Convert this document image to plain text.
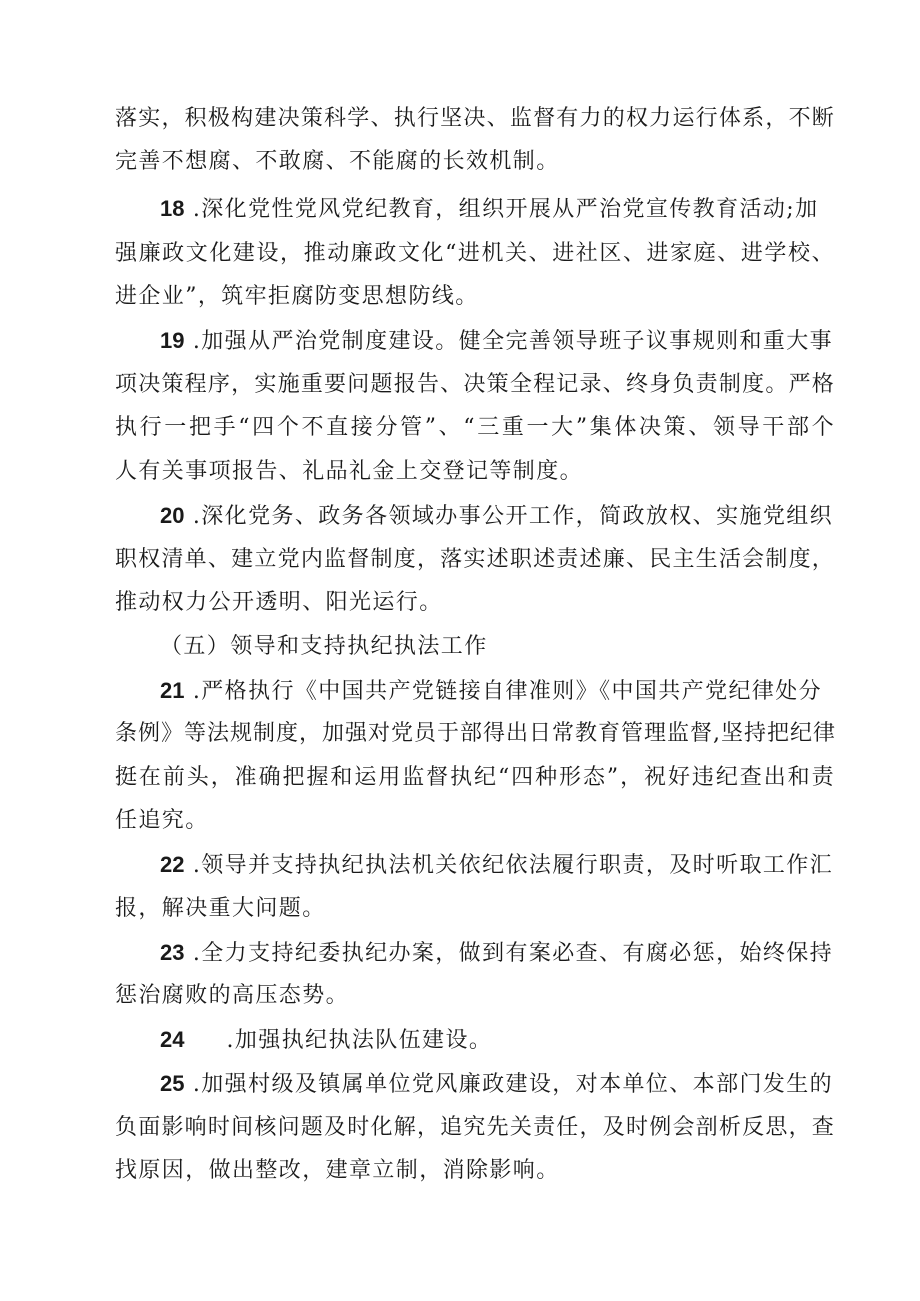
落实，积极构建决策科学、执行坚决、监督有力的权力运行体系，不断
完善不想腐、不敢腐、不能腐的长效机制。
18 .深化党性党风党纪教育，组织开展从严治党宣传教育活动;加
强廉政文化建设，推动廉政文化“进机关、进社区、进家庭、进学校、
进企业”，筑牢拒腐防变思想防线。
19 .加强从严治党制度建设。健全完善领导班子议事规则和重大事
项决策程序，实施重要问题报告、决策全程记录、终身负责制度。严格
执行一把手“四个不直接分管”、“三重一大”集体决策、领导干部个
人有关事项报告、礼品礼金上交登记等制度。
20 .深化党务、政务各领域办事公开工作，简政放权、实施党组织
职权清单、建立党内监督制度，落实述职述责述廉、民主生活会制度，
推动权力公开透明、阳光运行。
（五）领导和支持执纪执法工作
21 .严格执行《中国共产党链接自律准则》《中国共产党纪律处分
条例》等法规制度，加强对党员于部得出日常教育管理监督,坚持把纪律
挺在前头，准确把握和运用监督执纪“四种形态”，祝好违纪查出和责
任追究。
22 .领导并支持执纪执法机关依纪依法履行职责，及时听取工作汇
报，解决重大问题。
23 .全力支持纪委执纪办案，做到有案必查、有腐必惩，始终保持
惩治腐败的高压态势。
24     .加强执纪执法队伍建设。
25 .加强村级及镇属单位党风廉政建设，对本单位、本部门发生的
负面影响时间核问题及时化解，追究先关责任，及时例会剖析反思，查
找原因，做出整改，建章立制，消除影响。
